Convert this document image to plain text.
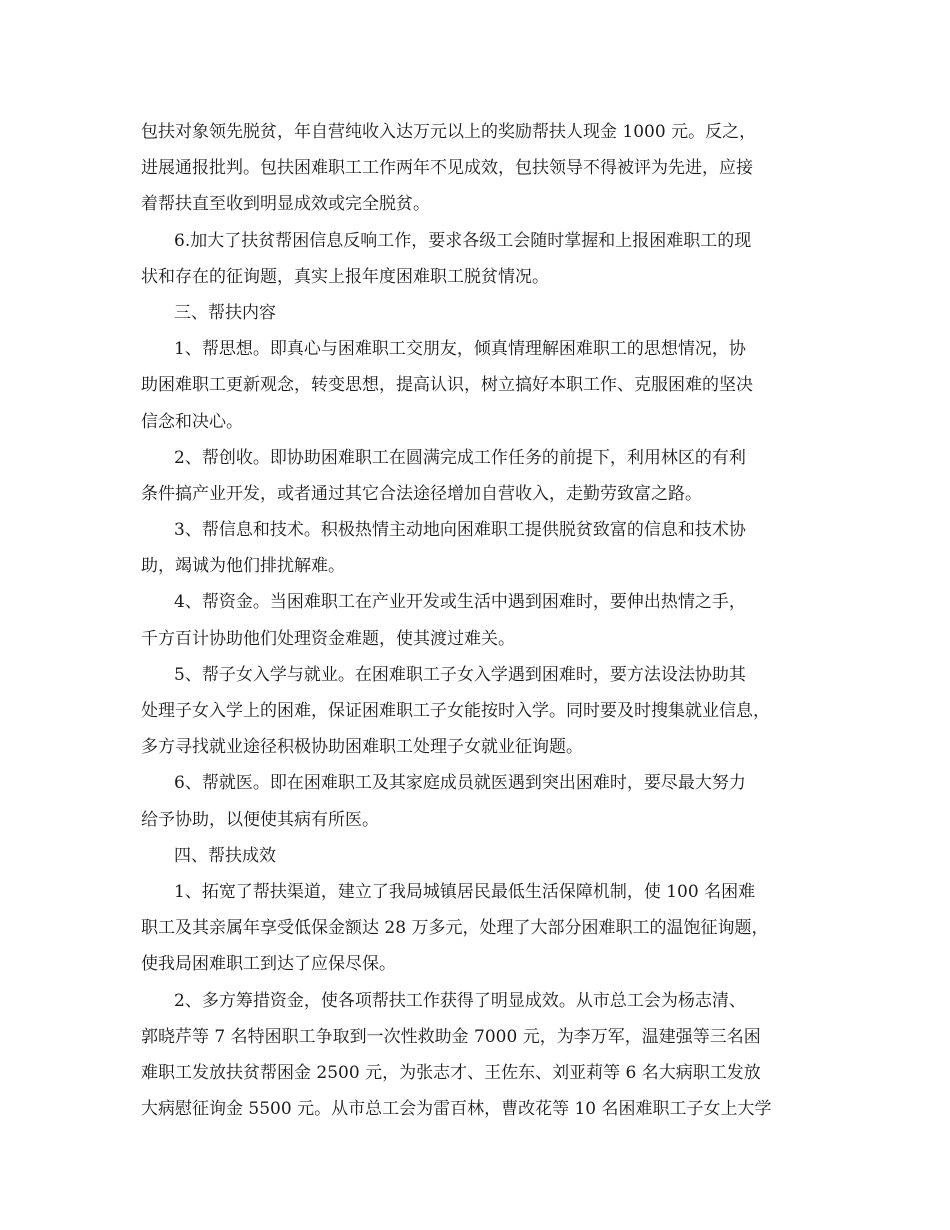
包扶对象领先脱贫，年自营纯收入达万元以上的奖励帮扶人现金 1000 元。反之，
进展通报批判。包扶困难职工工作两年不见成效，包扶领导不得被评为先进，应接
着帮扶直至收到明显成效或完全脱贫。
6.加大了扶贫帮困信息反响工作，要求各级工会随时掌握和上报困难职工的现
状和存在的征询题，真实上报年度困难职工脱贫情况。
三、帮扶内容
1、帮思想。即真心与困难职工交朋友，倾真情理解困难职工的思想情况，协
助困难职工更新观念，转变思想，提高认识，树立搞好本职工作、克服困难的坚决
信念和决心。
2、帮创收。即协助困难职工在圆满完成工作任务的前提下，利用林区的有利
条件搞产业开发，或者通过其它合法途径增加自营收入，走勤劳致富之路。
3、帮信息和技术。积极热情主动地向困难职工提供脱贫致富的信息和技术协
助，竭诚为他们排扰解难。
4、帮资金。当困难职工在产业开发或生活中遇到困难时，要伸出热情之手，
千方百计协助他们处理资金难题，使其渡过难关。
5、帮子女入学与就业。在困难职工子女入学遇到困难时，要方法设法协助其
处理子女入学上的困难，保证困难职工子女能按时入学。同时要及时搜集就业信息，
多方寻找就业途径积极协助困难职工处理子女就业征询题。
6、帮就医。即在困难职工及其家庭成员就医遇到突出困难时，要尽最大努力
给予协助，以便使其病有所医。
四、帮扶成效
1、拓宽了帮扶渠道，建立了我局城镇居民最低生活保障机制，使 100 名困难
职工及其亲属年享受低保金额达 28 万多元，处理了大部分困难职工的温饱征询题，
使我局困难职工到达了应保尽保。
2、多方筹措资金，使各项帮扶工作获得了明显成效。从市总工会为杨志清、
郭晓芹等 7 名特困职工争取到一次性救助金 7000 元，为李万军，温建强等三名困
难职工发放扶贫帮困金 2500 元，为张志才、王佐东、刘亚莉等 6 名大病职工发放
大病慰征询金 5500 元。从市总工会为雷百林，曹改花等 10 名困难职工子女上大学
